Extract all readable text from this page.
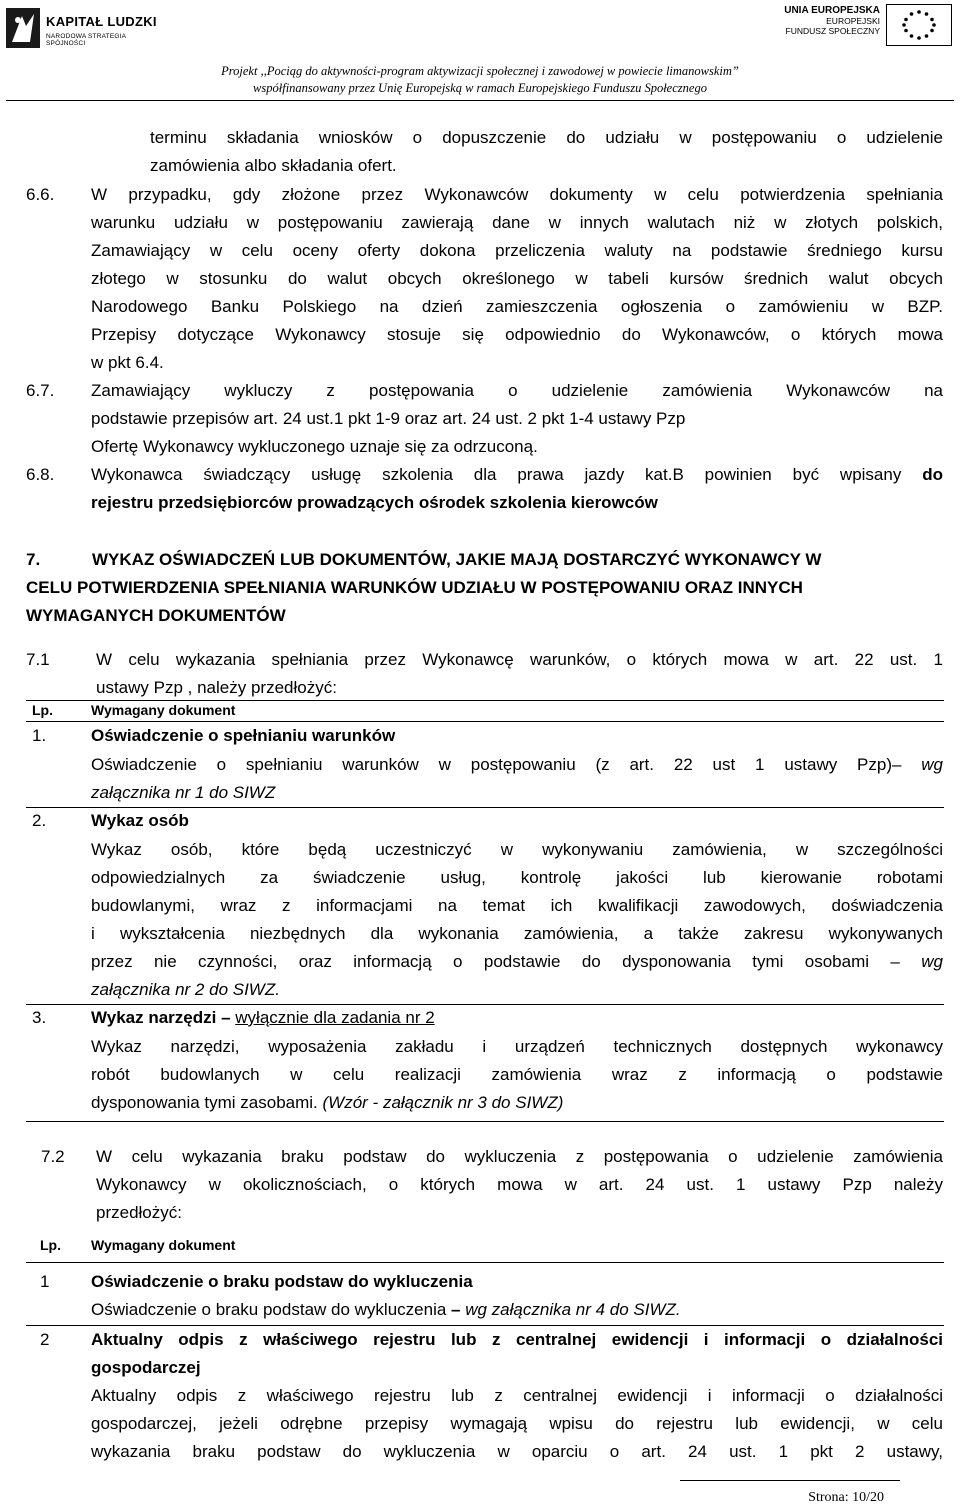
KAPITAŁ LUDZKI
NARODOWA STRATEGIA SPÓJNOŚCI
UNIA EUROPEJSKA
EUROPEJSKI
FUNDUSZ SPOŁECZNY
Projekt ,,Pociąg do aktywności-program aktywizacji społecznej i zawodowej w powiecie limanowskim”
współfinansowany przez Unię Europejską w ramach Europejskiego Funduszu Społecznego
terminu składania wniosków o dopuszczenie do udziału w postępowaniu o udzielenie
zamówienia albo składania ofert.
6.6. W przypadku, gdy złożone przez Wykonawców dokumenty w celu potwierdzenia spełniania
warunku udziału w postępowaniu zawierają dane w innych walutach niż w złotych polskich,
Zamawiający w celu oceny oferty dokona przeliczenia waluty na podstawie średniego kursu
złotego w stosunku do walut obcych określonego w tabeli kursów średnich walut obcych
Narodowego Banku Polskiego na dzień zamieszczenia ogłoszenia o zamówieniu w BZP.
Przepisy dotyczące Wykonawcy stosuje się odpowiednio do Wykonawców, o których mowa
w pkt 6.4.
6.7. Zamawiający wykluczy z postępowania o udzielenie zamówienia Wykonawców na
podstawie przepisów art. 24 ust.1 pkt 1-9 oraz art. 24 ust. 2 pkt 1-4 ustawy Pzp
Ofertę Wykonawcy wykluczonego uznaje się za odrzuconą.
6.8. Wykonawca świadczący usługę szkolenia dla prawa jazdy kat.B powinien być wpisany do
rejestru przedsiębiorców prowadzących ośrodek szkolenia kierowców
7.	WYKAZ OŚWIADCZEŃ LUB DOKUMENTÓW, JAKIE MAJĄ DOSTARCZYĆ WYKONAWCY W
CELU POTWIERDZENIA SPEŁNIANIA WARUNKÓW UDZIAŁU W POSTĘPOWANIU ORAZ INNYCH
WYMAGANYCH DOKUMENTÓW
7.1	W celu wykazania spełniania przez Wykonawcę warunków, o których mowa w art. 22 ust. 1
ustawy Pzp , należy przedłożyć:
Lp.	Wymagany dokument
1.	Oświadczenie o spełnianiu warunków
Oświadczenie o spełnianiu warunków w postępowaniu (z art. 22 ust 1 ustawy Pzp)– wg
załącznika nr 1 do SIWZ
2.	Wykaz osób
Wykaz osób, które będą uczestniczyć w wykonywaniu zamówienia, w szczególności
odpowiedzialnych za świadczenie usług, kontrolę jakości lub kierowanie robotami
budowlanymi, wraz z informacjami na temat ich kwalifikacji zawodowych, doświadczenia
i wykształcenia niezbędnych dla wykonania zamówienia, a także zakresu wykonywanych
przez nie czynności, oraz informacją o podstawie do dysponowania tymi osobami – wg
załącznika nr 2 do SIWZ.
3.	Wykaz narzędzi – wyłącznie dla zadania nr 2
Wykaz narzędzi, wyposażenia zakładu i urządzeń technicznych dostępnych wykonawcy
robót budowlanych w celu realizacji zamówienia wraz z informacją o podstawie
dysponowania tymi zasobami. (Wzór - załącznik nr 3 do SIWZ)
7.2 W celu wykazania braku podstaw do wykluczenia z postępowania o udzielenie zamówienia
Wykonawcy w okolicznościach, o których mowa w art. 24 ust. 1 ustawy Pzp należy
przedłożyć:
Lp. Wymagany dokument
1 Oświadczenie o braku podstaw do wykluczenia
Oświadczenie o braku podstaw do wykluczenia – wg załącznika nr 4 do SIWZ.
2 Aktualny odpis z właściwego rejestru lub z centralnej ewidencji i informacji o działalności
gospodarczej
Aktualny odpis z właściwego rejestru lub z centralnej ewidencji i informacji o działalności
gospodarczej, jeżeli odrębne przepisy wymagają wpisu do rejestru lub ewidencji, w celu
wykazania braku podstaw do wykluczenia w oparciu o art. 24 ust. 1 pkt 2 ustawy,
Strona: 10/20
